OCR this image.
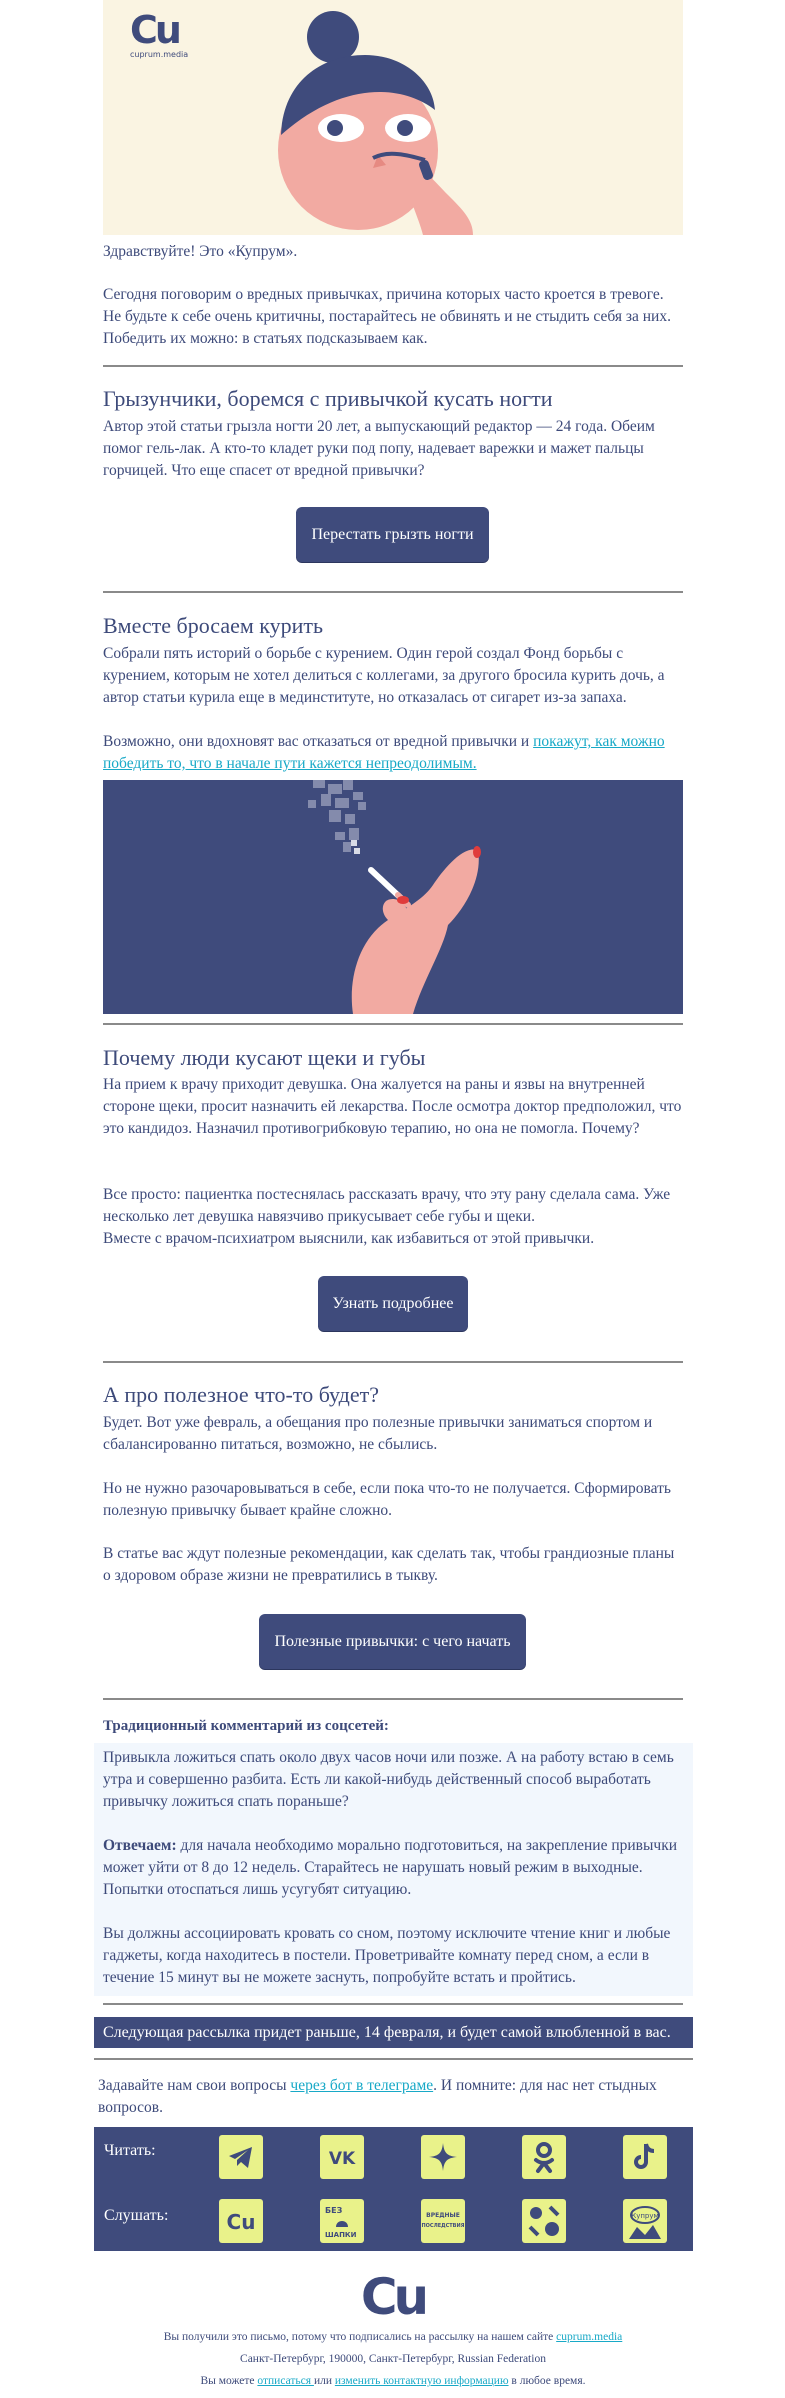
Cu
cuprum.media

Здравствуйте! Это «Купрум».

Сегодня поговорим о вредных привычках, причина которых часто кроется в тревоге. Не будьте к себе очень критичны, постарайтесь не обвинять и не стыдить себя за них. Победить их можно: в статьях подсказываем как.

Грызунчики, боремся с привычкой кусать ногти

Автор этой статьи грызла ногти 20 лет, а выпускающий редактор — 24 года. Обеим помог гель-лак. А кто-то кладет руки под попу, надевает варежки и мажет пальцы горчицей. Что еще спасет от вредной привычки?

Перестать грызть ногти
Вместе бросаем курить

Собрали пять историй о борьбе с курением. Один герой создал Фонд борьбы с курением, которым не хотел делиться с коллегами, за другого бросила курить дочь, а автор статьи курила еще в мединституте, но отказалась от сигарет из-за запаха.

Возможно, они вдохновят вас отказаться от вредной привычки и покажут, как можно победить то, что в начале пути кажется непреодолимым.

Почему люди кусают щеки и губы

На прием к врачу приходит девушка. Она жалуется на раны и язвы на внутренней стороне щеки, просит назначить ей лекарства. После осмотра доктор предположил, что это кандидоз. Назначил противогрибковую терапию, но она не помогла. Почему?

Все просто: пациентка постеснялась рассказать врачу, что эту рану сделала сама. Уже несколько лет девушка навязчиво прикусывает себе губы и щеки.

Вместе с врачом-психиатром выяснили, как избавиться от этой привычки.

Узнать подробнее
А про полезное что-то будет?

Будет. Вот уже февраль, а обещания про полезные привычки заниматься спортом и сбалансированно питаться, возможно, не сбылись.

Но не нужно разочаровываться в себе, если пока что-то не получается. Сформировать полезную привычку бывает крайне сложно.

В статье вас ждут полезные рекомендации, как сделать так, чтобы грандиозные планы о здоровом образе жизни не превратились в тыкву.

Полезные привычки: с чего начать

Традиционный комментарий из соцсетей:

Привыкла ложиться спать около двух часов ночи или позже. А на работу встаю в семь утра и совершенно разбита. Есть ли какой-нибудь действенный способ выработать привычку ложиться спать пораньше?

Отвечаем: для начала необходимо морально подготовиться, на закрепление привычки может уйти от 8 до 12 недель. Старайтесь не нарушать новый режим в выходные. Попытки отоспаться лишь усугубят ситуацию.

Вы должны ассоциировать кровать со сном, поэтому исключите чтение книг и любые гаджеты, когда находитесь в постели. Проветривайте комнату перед сном, а если в течение 15 минут вы не можете заснуть, попробуйте встать и пройтись.

Следующая рассылка придет раньше, 14 февраля, и будет самой влюбленной в вас.

Задавайте нам свои вопросы через бот в телеграме. И помните: для нас нет стыдных вопросов.

Читать:
Слушать:
VK
Cu	БЕЗ
ШАПКИ
ВРЕДНЫЕ
ПОСЛЕДСТВИЯ
Купрум
Cu
Вы получили это письмо, потому что подписались на рассылку на нашем сайте cuprum.media
Санкт-Петербург, 190000, Санкт-Петербург, Russian Federation
Вы можете отписаться или изменить контактную информацию в любое время.
